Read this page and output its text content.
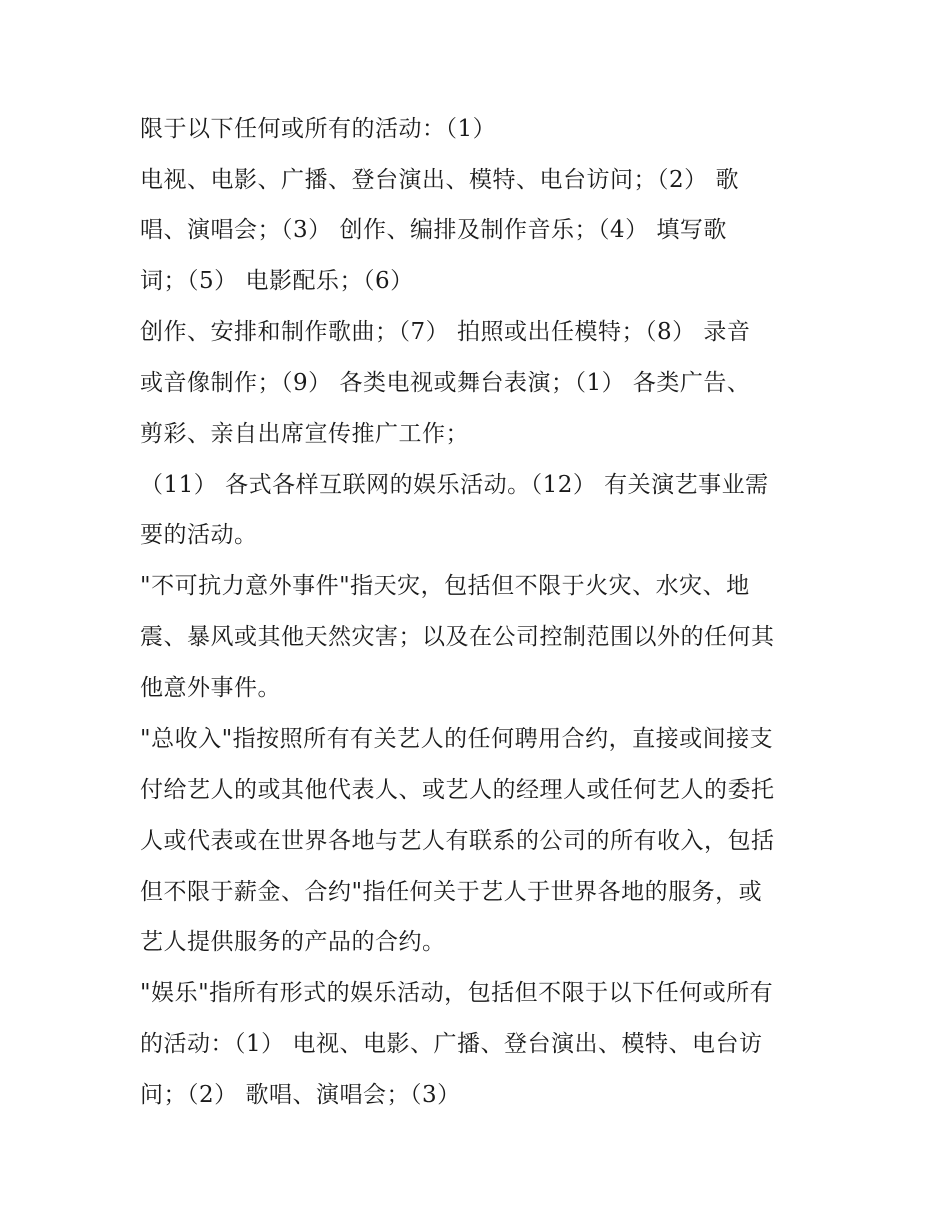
限于以下任何或所有的活动：（1）
电视、电影、广播、登台演出、模特、电台访问；（2） 歌
唱、演唱会；（3） 创作、编排及制作音乐；（4） 填写歌
词；（5） 电影配乐；（6）
创作、安排和制作歌曲；（7） 拍照或出任模特；（8） 录音
或音像制作；（9） 各类电视或舞台表演；（1） 各类广告、
剪彩、亲自出席宣传推广工作；
（11） 各式各样互联网的娱乐活动。（12） 有关演艺事业需
要的活动。
"不可抗力意外事件"指天灾，包括但不限于火灾、水灾、地
震、暴风或其他天然灾害；以及在公司控制范围以外的任何其
他意外事件。
"总收入"指按照所有有关艺人的任何聘用合约，直接或间接支
付给艺人的或其他代表人、或艺人的经理人或任何艺人的委托
人或代表或在世界各地与艺人有联系的公司的所有收入，包括
但不限于薪金、合约"指任何关于艺人于世界各地的服务，或
艺人提供服务的产品的合约。
"娱乐"指所有形式的娱乐活动，包括但不限于以下任何或所有
的活动：（1） 电视、电影、广播、登台演出、模特、电台访
问；（2） 歌唱、演唱会；（3）
